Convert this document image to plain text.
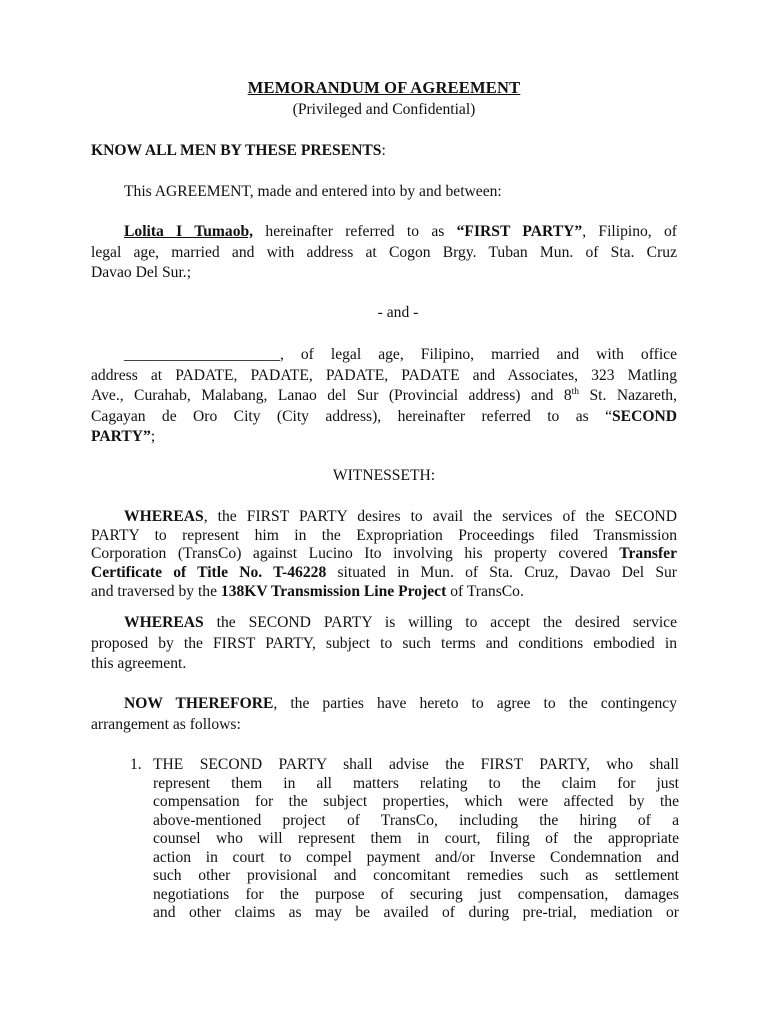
MEMORANDUM OF AGREEMENT
(Privileged and Confidential)
KNOW ALL MEN BY THESE PRESENTS:
This AGREEMENT, made and entered into by and between:
Lolita I Tumaob, hereinafter referred to as “FIRST PARTY”, Filipino, of
legal age, married and with address at Cogon Brgy. Tuban Mun. of Sta. Cruz
Davao Del Sur.;
- and -
____________________, of legal age, Filipino, married and with office
address at PADATE, PADATE, PADATE, PADATE and Associates, 323 Matling
Ave., Curahab, Malabang, Lanao del Sur (Provincial address) and 8th St. Nazareth,
Cagayan de Oro City (City address), hereinafter referred to as “SECOND
PARTY”;
WITNESSETH:
WHEREAS, the FIRST PARTY desires to avail the services of the SECOND
PARTY to represent him in the Expropriation Proceedings filed Transmission
Corporation (TransCo) against Lucino Ito involving his property covered Transfer
Certificate of Title No. T-46228 situated in Mun. of Sta. Cruz, Davao Del Sur
and traversed by the 138KV Transmission Line Project of TransCo.
WHEREAS the SECOND PARTY is willing to accept the desired service
proposed by the FIRST PARTY, subject to such terms and conditions embodied in
this agreement.
NOW THEREFORE, the parties have hereto to agree to the contingency
arrangement as follows:
1. THE SECOND PARTY shall advise the FIRST PARTY, who shall
represent them in all matters relating to the claim for just
compensation for the subject properties, which were affected by the
above-mentioned project of TransCo, including the hiring of a
counsel who will represent them in court, filing of the appropriate
action in court to compel payment and/or Inverse Condemnation and
such other provisional and concomitant remedies such as settlement
negotiations for the purpose of securing just compensation, damages
and other claims as may be availed of during pre-trial, mediation or
